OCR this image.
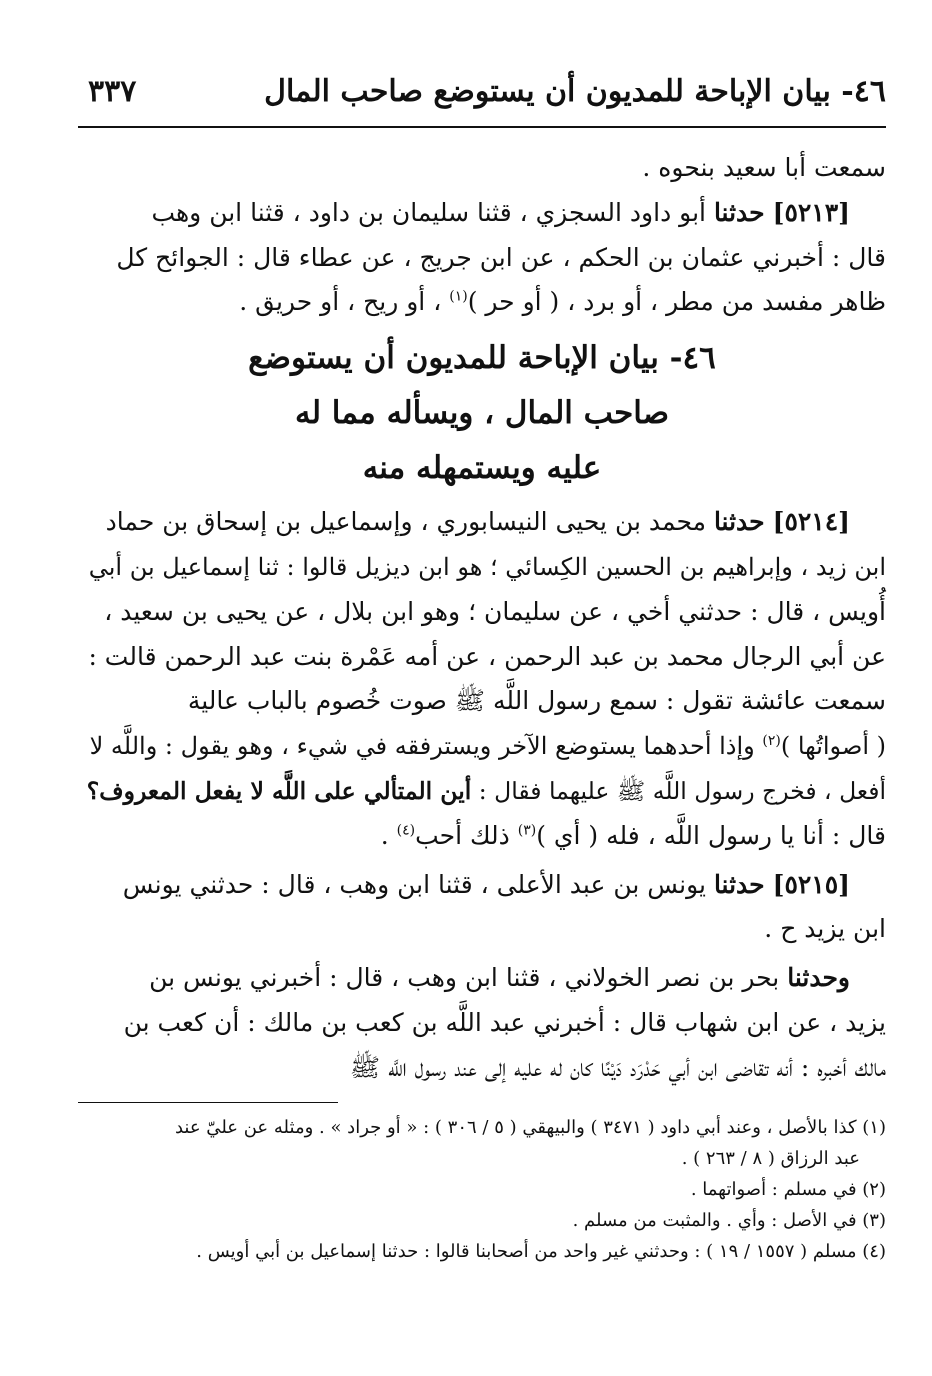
٤٦- بيان الإباحة للمديون أن يستوضع صاحب المال
٣٣٧
سمعت أبا سعيد بنحوه .
[٥٢١٣] حدثنا أبو داود السجزي ، قثنا سليمان بن داود ، قثنا ابن وهب
قال : أخبرني عثمان بن الحكم ، عن ابن جريج ، عن عطاء قال : الجوائح كل
ظاهر مفسد من مطر ، أو برد ، ( أو حر )$^{(١)}$ ، أو ريح ، أو حريق .
٤٦- بيان الإباحة للمديون أن يستوضع
صاحب المال ، ويسأله مما له
عليه ويستمهله منه
[٥٢١٤] حدثنا محمد بن يحيى النيسابوري ، وإسماعيل بن إسحاق بن حماد
ابن زيد ، وإبراهيم بن الحسين الكِسائي ؛ هو ابن ديزيل قالوا : ثنا إسماعيل بن أبي
أُويس ، قال : حدثني أخي ، عن سليمان ؛ وهو ابن بلال ، عن يحيى بن سعيد ،
عن أبي الرجال محمد بن عبد الرحمن ، عن أمه عَمْرة بنت عبد الرحمن قالت :
سمعت عائشة تقول : سمع رسول اللَّه ﷺ صوت خُصوم بالباب عالية
( أصواتُها )$^{(٢)}$ وإذا أحدهما يستوضع الآخر ويسترفقه في شيء ، وهو يقول : واللَّه لا
أفعل ، فخرج رسول اللَّه ﷺ عليهما فقال : أين المتألي على اللَّه لا يفعل المعروف؟
قال : أنا يا رسول اللَّه ، فله ( أي )$^{(٣)}$ ذلك أحب$^{(٤)}$ .
[٥٢١٥] حدثنا يونس بن عبد الأعلى ، قثنا ابن وهب ، قال : حدثني يونس
ابن يزيد ح .
وحدثنا بحر بن نصر الخولاني ، قثنا ابن وهب ، قال : أخبرني يونس بن
يزيد ، عن ابن شهاب قال : أخبرني عبد اللَّه بن كعب بن مالك : أن كعب بن
مالك أخبره : أنه تقاضى ابن أبي حَدْرَد دَيْنًا كان له عليه إلى عند رسول اللَّه ﷺ
(١) كذا بالأصل ، وعند أبي داود ( ٣٤٧١ ) والبيهقي ( ٥ / ٣٠٦ ) : « أو جراد » . ومثله عن عليّ عند
عبد الرزاق ( ٨ / ٢٦٣ ) .
(٢) في مسلم : أصواتهما .
(٣) في الأصل : وأي . والمثبت من مسلم .
(٤) مسلم ( ١٥٥٧ / ١٩ ) : وحدثني غير واحد من أصحابنا قالوا : حدثنا إسماعيل بن أبي أويس .
